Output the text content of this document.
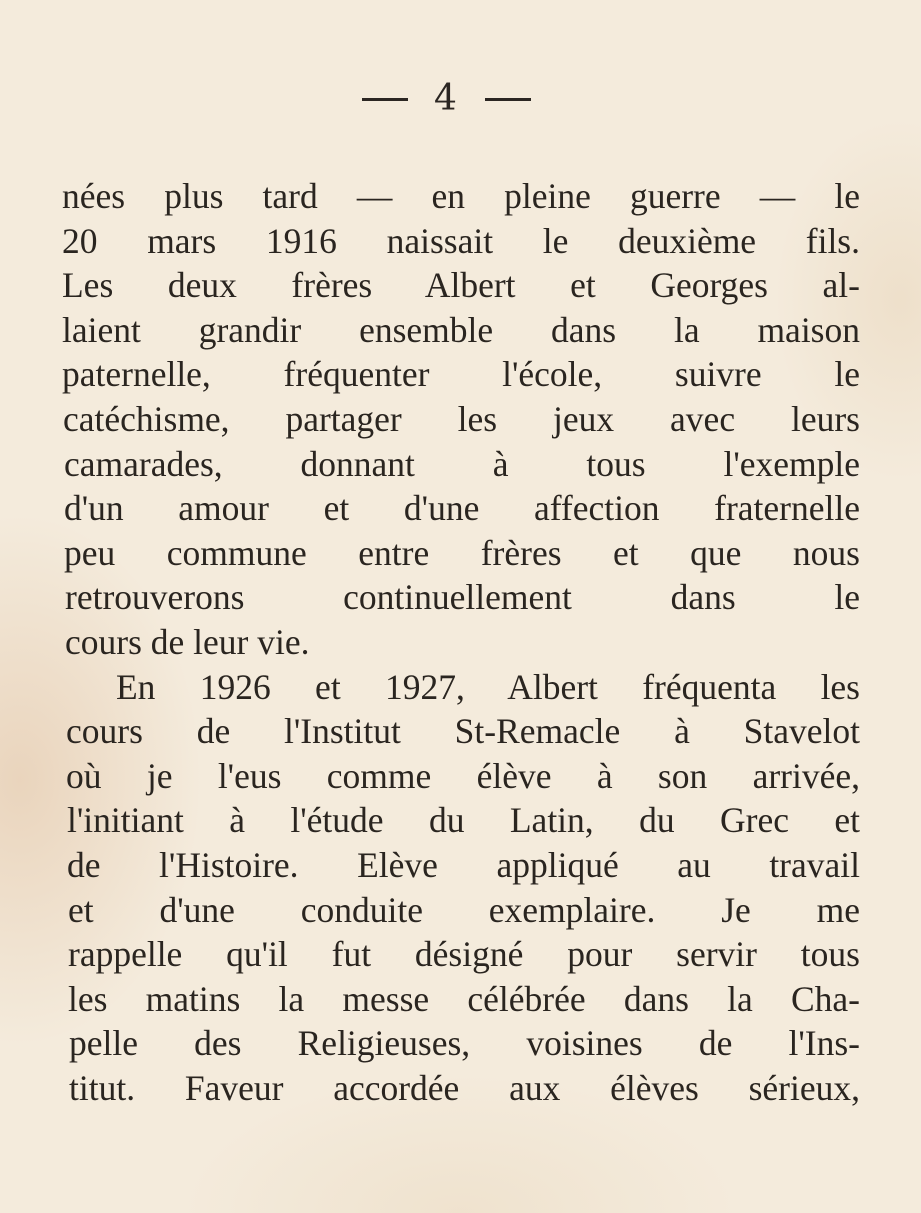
4
nées plus tard — en pleine guerre — le
20 mars 1916 naissait le deuxième fils.
Les deux frères Albert et Georges al-
laient grandir ensemble dans la maison
paternelle, fréquenter l'école, suivre le
catéchisme, partager les jeux avec leurs
camarades, donnant à tous l'exemple
d'un amour et d'une affection fraternelle
peu commune entre frères et que nous
retrouverons continuellement dans le
cours de leur vie.
En 1926 et 1927, Albert fréquenta les
cours de l'Institut St-Remacle à Stavelot
où je l'eus comme élève à son arrivée,
l'initiant à l'étude du Latin, du Grec et
de l'Histoire. Elève appliqué au travail
et d'une conduite exemplaire. Je me
rappelle qu'il fut désigné pour servir tous
les matins la messe célébrée dans la Cha-
pelle des Religieuses, voisines de l'Ins-
titut. Faveur accordée aux élèves sérieux,
